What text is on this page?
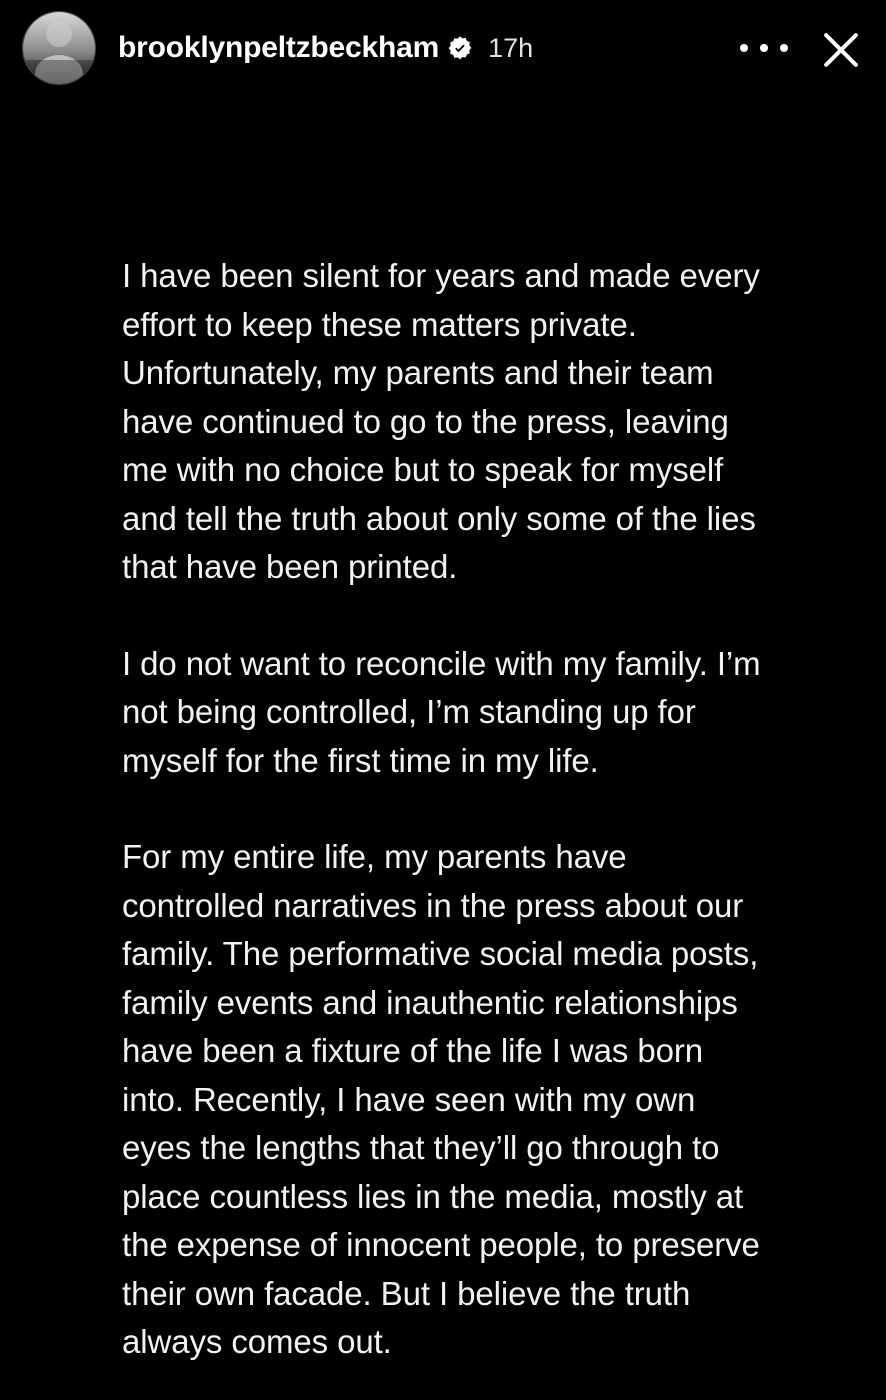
brooklynpeltzbeckham 17h

I have been silent for years and made every effort to keep these matters private. Unfortunately, my parents and their team have continued to go to the press, leaving me with no choice but to speak for myself and tell the truth about only some of the lies that have been printed.

I do not want to reconcile with my family. I’m not being controlled, I’m standing up for myself for the first time in my life.

For my entire life, my parents have controlled narratives in the press about our family. The performative social media posts, family events and inauthentic relationships have been a fixture of the life I was born into. Recently, I have seen with my own eyes the lengths that they’ll go through to place countless lies in the media, mostly at the expense of innocent people, to preserve their own facade. But I believe the truth always comes out.
